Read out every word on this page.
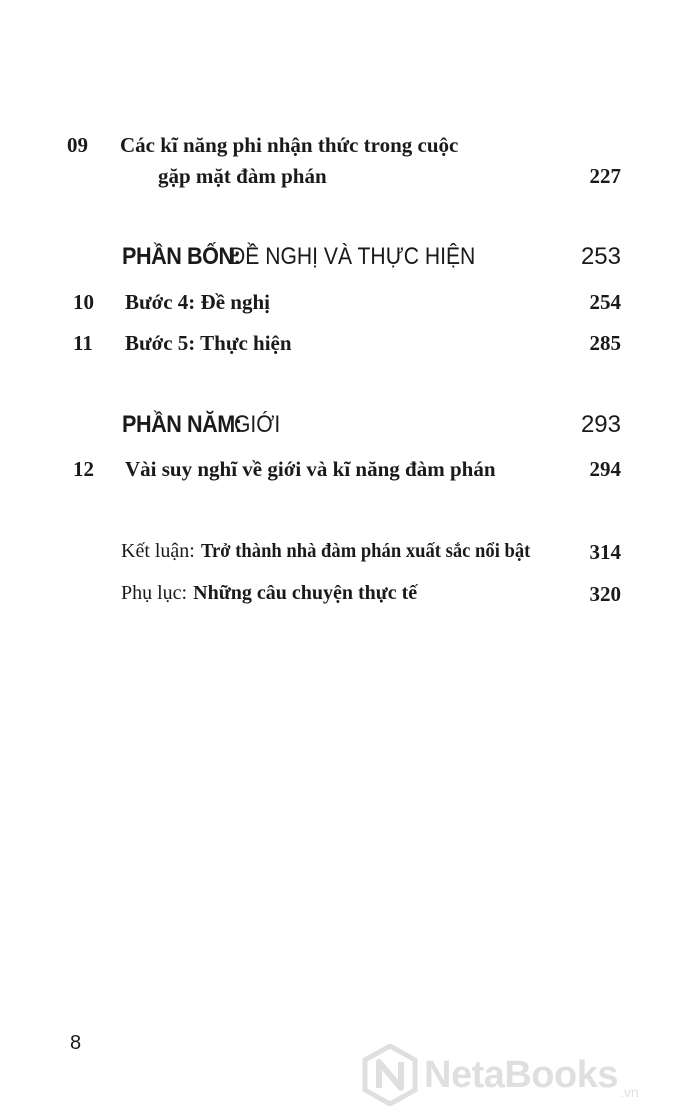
09 Các kĩ năng phi nhận thức trong cuộc
gặp mặt đàm phán	227
PHẦN BỐN:
ĐỀ NGHỊ VÀ THỰC HIỆN	253
10 Bước 4: Đề nghị	254
11 Bước 5: Thực hiện	285
PHẦN NĂM:
GIỚI	293
12 Vài suy nghĩ về giới và kĩ năng đàm phán	294
Kết luận: Trở thành nhà đàm phán xuất sắc nổi bật	314
Phụ lục: Những câu chuyện thực tế	320
8
NetaBooks .vn
